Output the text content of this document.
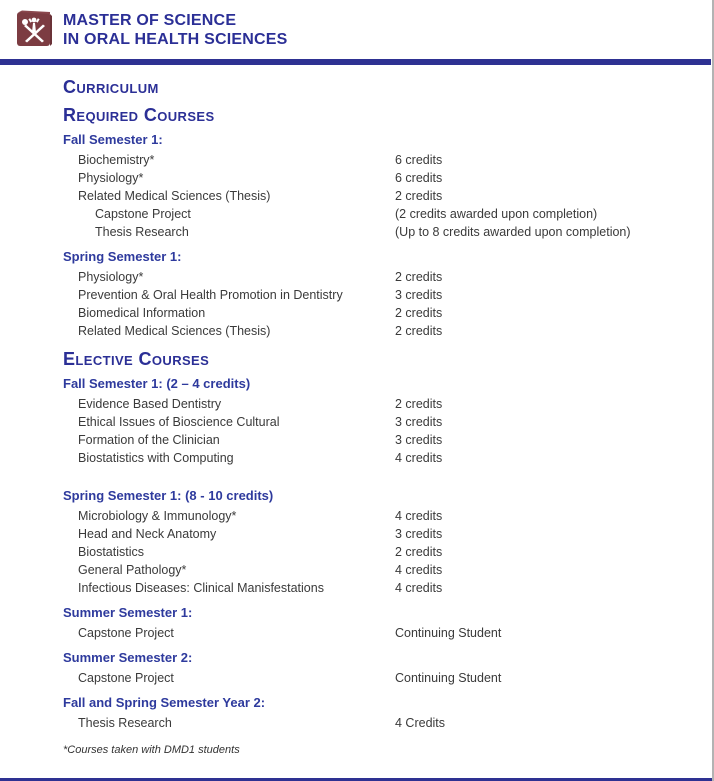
MASTER OF SCIENCE
IN ORAL HEALTH SCIENCES
Curriculum
Required Courses
Fall Semester 1:
Biochemistry*	6 credits
Physiology*	6 credits
Related Medical Sciences (Thesis)	2 credits
Capstone Project	(2 credits awarded upon completion)
Thesis Research	(Up to 8 credits awarded upon completion)
Spring Semester 1:
Physiology*	2 credits
Prevention & Oral Health Promotion in Dentistry	3 credits
Biomedical Information	2 credits
Related Medical Sciences (Thesis)	2 credits
Elective Courses
Fall Semester 1: (2 – 4 credits)
Evidence Based Dentistry	2 credits
Ethical Issues of Bioscience Cultural	3 credits
Formation of the Clinician	3 credits
Biostatistics with Computing	4 credits
Spring Semester 1: (8 - 10 credits)
Microbiology & Immunology*	4 credits
Head and Neck Anatomy	3 credits
Biostatistics	2 credits
General Pathology*	4 credits
Infectious Diseases: Clinical Manisfestations	4 credits
Summer Semester 1:
Capstone Project	Continuing Student
Summer Semester 2:
Capstone Project	Continuing Student
Fall and Spring Semester Year 2:
Thesis Research	4 Credits
*Courses taken with DMD1 students
